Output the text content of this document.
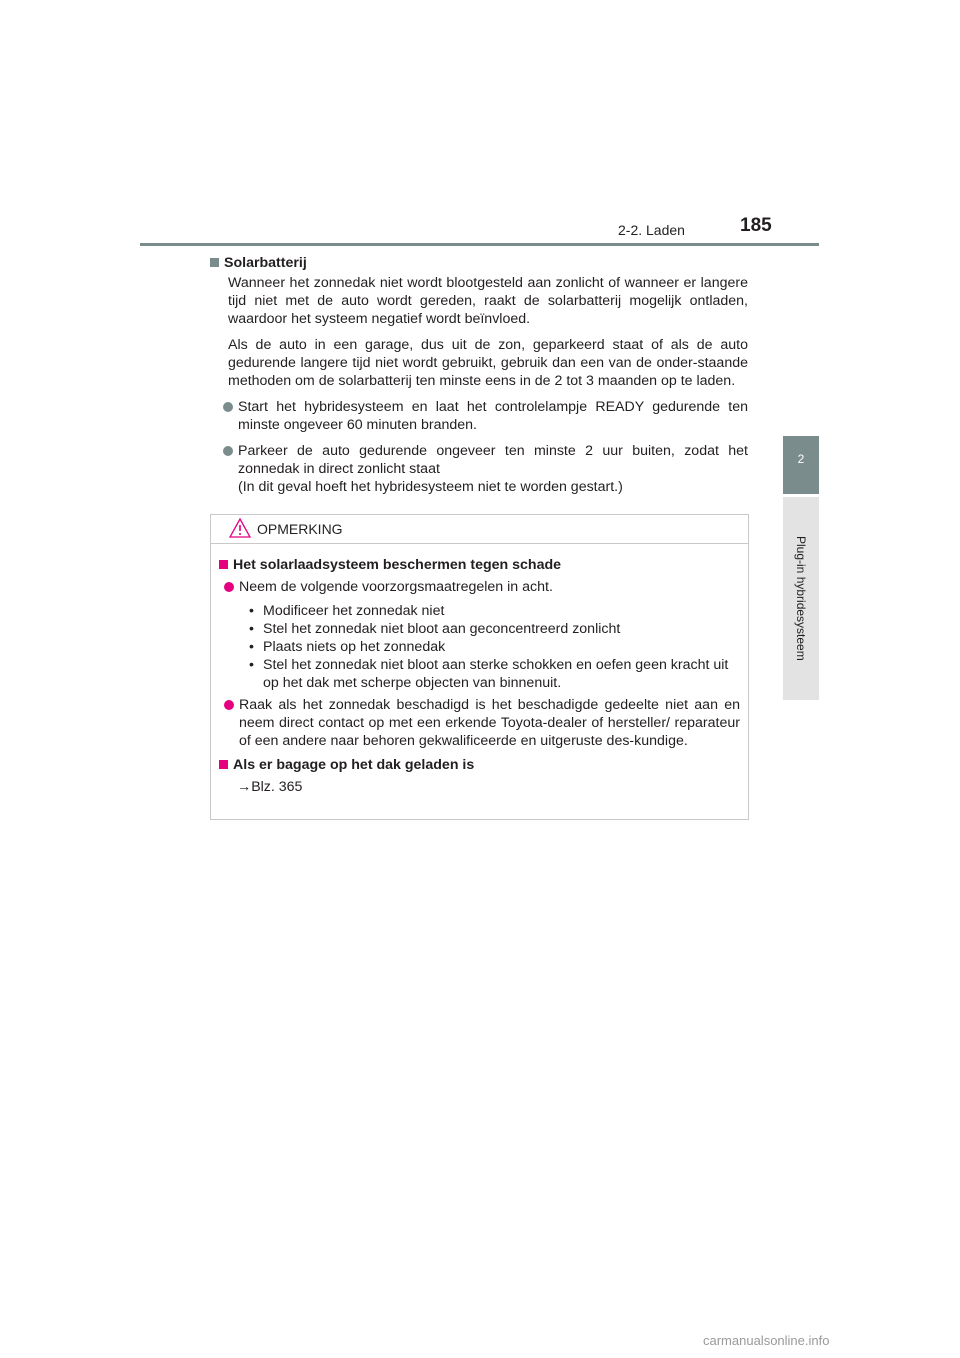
2-2. Laden	185
2
Plug-in hybridesysteem
Solarbatterij

Wanneer het zonnedak niet wordt blootgesteld aan zonlicht of wanneer er langere tijd niet met de auto wordt gereden, raakt de solarbatterij mogelijk ontladen, waardoor het systeem negatief wordt beïnvloed.

Als de auto in een garage, dus uit de zon, geparkeerd staat of als de auto gedurende langere tijd niet wordt gebruikt, gebruik dan een van de onder-staande methoden om de solarbatterij ten minste eens in de 2 tot 3 maanden op te laden.

Start het hybridesysteem en laat het controlelampje READY gedurende ten minste ongeveer 60 minuten branden.
Parkeer de auto gedurende ongeveer ten minste 2 uur buiten, zodat het zonnedak in direct zonlicht staat
(In dit geval hoeft het hybridesysteem niet te worden gestart.)
OPMERKING
Het solarlaadsysteem beschermen tegen schade
Neem de volgende voorzorgsmaatregelen in acht.
• Modificeer het zonnedak niet
• Stel het zonnedak niet bloot aan geconcentreerd zonlicht
• Plaats niets op het zonnedak
• Stel het zonnedak niet bloot aan sterke schokken en oefen geen kracht uit op het dak met scherpe objecten van binnenuit.
Raak als het zonnedak beschadigd is het beschadigde gedeelte niet aan en neem direct contact op met een erkende Toyota-dealer of hersteller/ reparateur of een andere naar behoren gekwalificeerde en uitgeruste des-kundige.
Als er bagage op het dak geladen is
→Blz. 365
carmanualsonline.info
